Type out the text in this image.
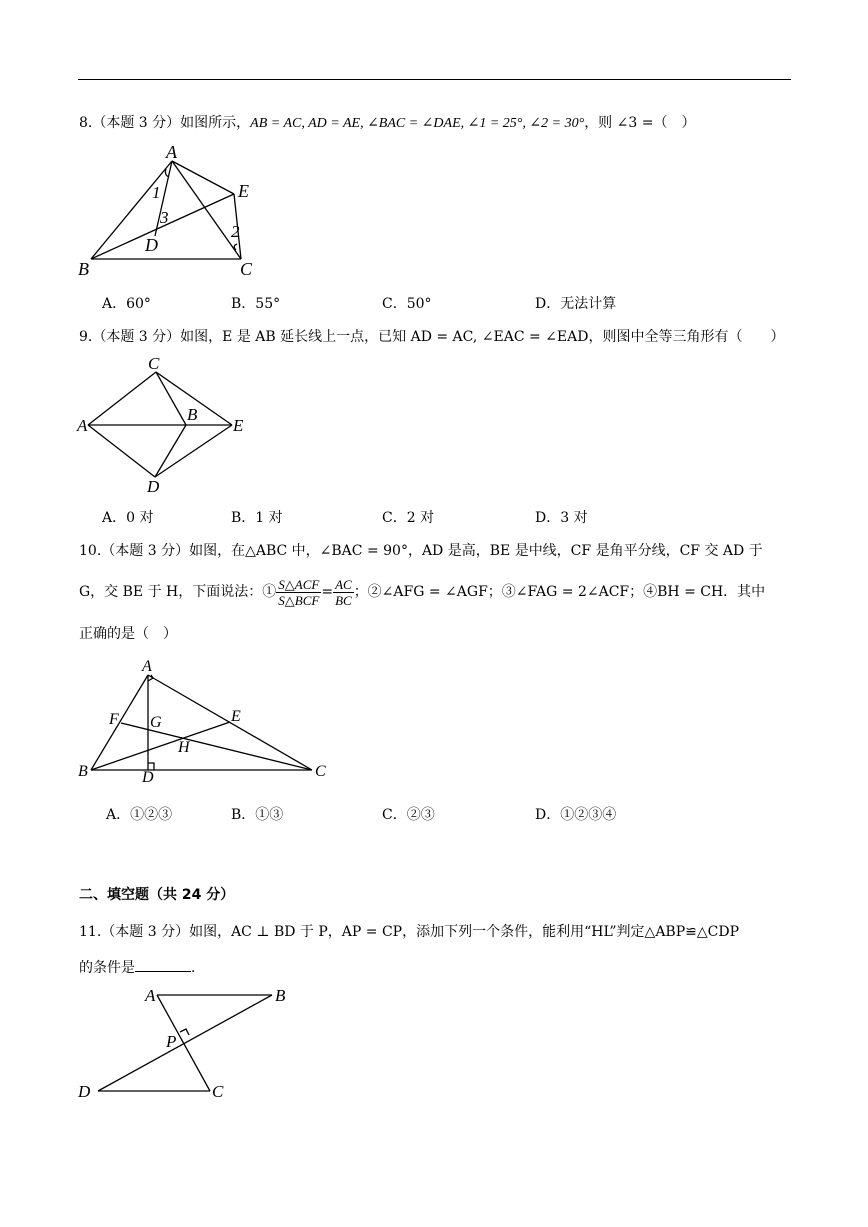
8.（本题 3 分）如图所示，AB = AC, AD = AE, ∠BAC = ∠DAE, ∠1 = 25°, ∠2 = 30°，则 ∠3 =（　）
A
B	C
D
E
1
2
3
A．60°	B．55°	C．50°	D．无法计算
9.（本题 3 分）如图，E 是 AB 延长线上一点，已知 AD = AC, ∠EAC = ∠EAD，则图中全等三角形有（　　）
C
A
B
E
D
A．0 对	B．1 对	C．2 对	D．3 对
10.（本题 3 分）如图，在△ABC 中，∠BAC = 90°，AD 是高，BE 是中线，CF 是角平分线，CF 交 AD 于
G，交 BE 于 H，下面说法：① $\frac{\text{S△ACF}}{\text{S△BCF}} = \frac{AC}{BC}$ ；②∠AFG = ∠AGF；③∠FAG = 2∠ACF；④BH = CH．其中
正确的是（　）
A
B	C
D
E
F G
H
A．①②③	B．①③	C．②③	D．①②③④
二、填空题（共 24 分）
11.（本题 3 分）如图，AC ⊥ BD 于 P，AP = CP，添加下列一个条件，能利用“HL”判定△ABP≌△CDP
的条件是	.
A	B
C
D
P
